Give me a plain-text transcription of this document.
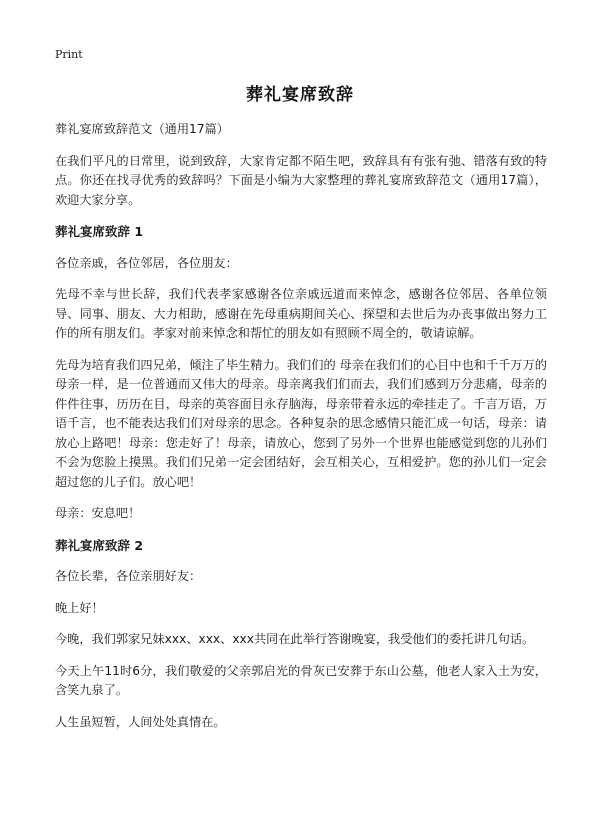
Print
葬礼宴席致辞

葬礼宴席致辞范文（通用17篇）

在我们平凡的日常里，说到致辞，大家肯定都不陌生吧，致辞具有有张有弛、错落有致的特点。你还在找寻优秀的致辞吗？下面是小编为大家整理的葬礼宴席致辞范文（通用17篇），欢迎大家分享。

葬礼宴席致辞 1

各位亲戚，各位邻居，各位朋友：

先母不幸与世长辞，我们代表孝家感谢各位亲戚远道而来悼念，感谢各位邻居、各单位领导、同事、朋友、大力相助，感谢在先母重病期间关心、探望和去世后为办丧事做出努力工作的所有朋友们。孝家对前来悼念和帮忙的朋友如有照顾不周全的，敬请谅解。

先母为培育我们四兄弟，倾注了毕生精力。我们们的 母亲在我们们的心目中也和千千万万的母亲一样，是一位普通而又伟大的母亲。母亲离我们们而去，我们们感到万分悲痛，母亲的件件往事，历历在目，母亲的英容面目永存脑海，母亲带着永远的牵挂走了。千言万语，万语千言，也不能表达我们们对母亲的思念。各种复杂的思念感情只能汇成一句话，母亲：请放心上路吧！母亲：您走好了！母亲，请放心，您到了另外一个世界也能感觉到您的儿孙们不会为您脸上摸黑。我们们兄弟一定会团结好，会互相关心，互相爱护。您的孙儿们一定会超过您的儿子们。放心吧！

母亲：安息吧！

葬礼宴席致辞 2

各位长辈，各位亲朋好友：

晚上好！

今晚，我们郭家兄妹xxx、xxx、xxx共同在此举行答谢晚宴，我受他们的委托讲几句话。

今天上午11时6分，我们敬爱的父亲郭启光的骨灰已安葬于东山公墓，他老人家入土为安，含笑九泉了。

人生虽短暂，人间处处真情在。
